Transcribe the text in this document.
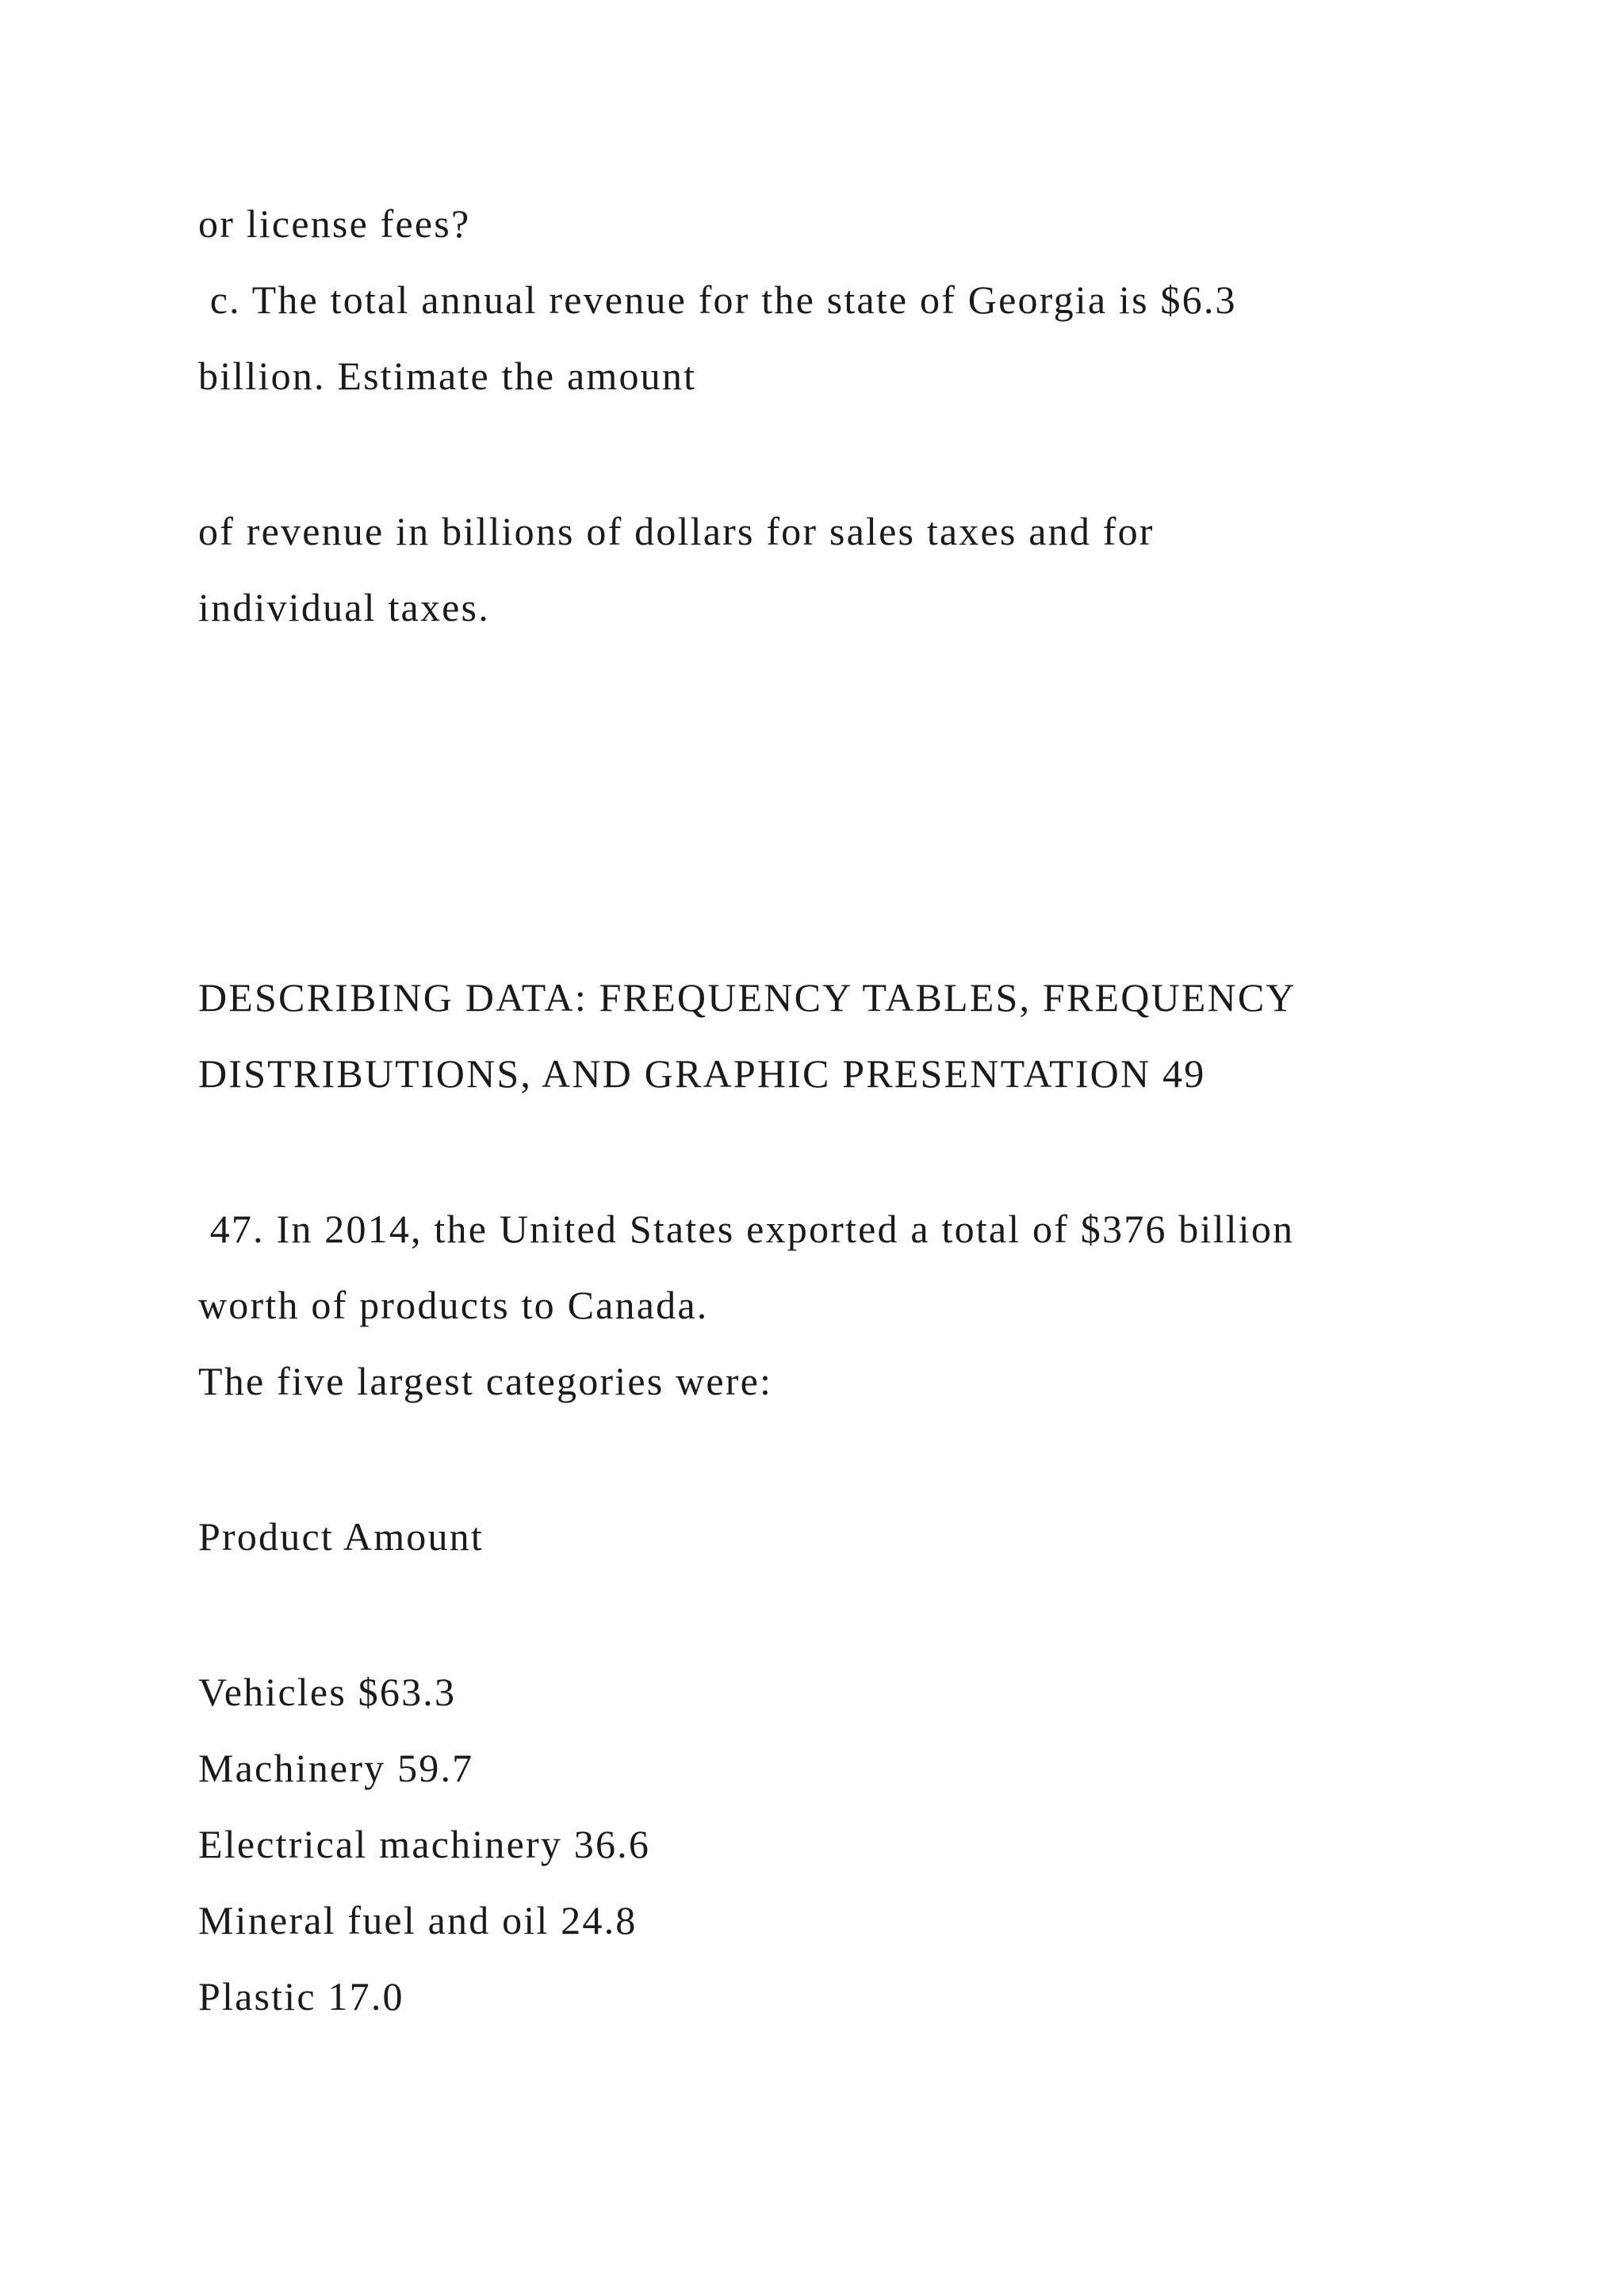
or license fees?

c. The total annual revenue for the state of Georgia is $6.3

billion. Estimate the amount

of revenue in billions of dollars for sales taxes and for

individual taxes.

DESCRIBING DATA: FREQUENCY TABLES, FREQUENCY

DISTRIBUTIONS, AND GRAPHIC PRESENTATION 49

47. In 2014, the United States exported a total of $376 billion

worth of products to Canada.

The five largest categories were:

Product Amount

Vehicles $63.3

Machinery 59.7

Electrical machinery 36.6

Mineral fuel and oil 24.8

Plastic 17.0
